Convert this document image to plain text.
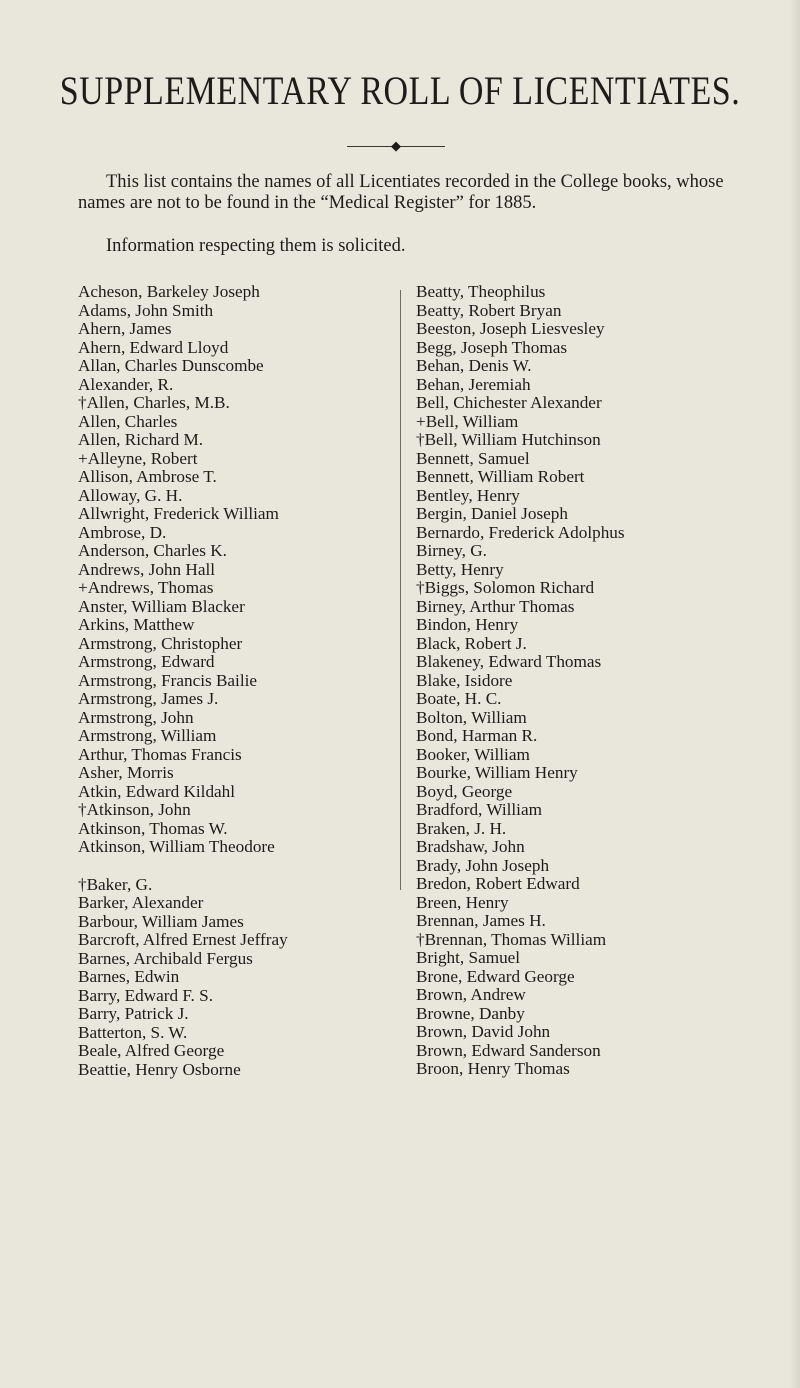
SUPPLEMENTARY ROLL OF LICENTIATES.
◆

This list contains the names of all Licentiates recorded in the College books, whose names are not to be found in the “Medical Register” for 1885.

Information respecting them is solicited.

Acheson, Barkeley Joseph
Adams, John Smith
Ahern, James
Ahern, Edward Lloyd
Allan, Charles Dunscombe
Alexander, R.
†Allen, Charles, M.B.
Allen, Charles
Allen, Richard M.
+Alleyne, Robert
Allison, Ambrose T.
Alloway, G. H.
Allwright, Frederick William
Ambrose, D.
Anderson, Charles K.
Andrews, John Hall
+Andrews, Thomas
Anster, William Blacker
Arkins, Matthew
Armstrong, Christopher
Armstrong, Edward
Armstrong, Francis Bailie
Armstrong, James J.
Armstrong, John
Armstrong, William
Arthur, Thomas Francis
Asher, Morris
Atkin, Edward Kildahl
†Atkinson, John
Atkinson, Thomas W.
Atkinson, William Theodore
†Baker, G.
Barker, Alexander
Barbour, William James
Barcroft, Alfred Ernest Jeffray
Barnes, Archibald Fergus
Barnes, Edwin
Barry, Edward F. S.
Barry, Patrick J.
Batterton, S. W.
Beale, Alfred George
Beattie, Henry Osborne
Beatty, Theophilus
Beatty, Robert Bryan
Beeston, Joseph Liesvesley
Begg, Joseph Thomas
Behan, Denis W.
Behan, Jeremiah
Bell, Chichester Alexander
+Bell, William
†Bell, William Hutchinson
Bennett, Samuel
Bennett, William Robert
Bentley, Henry
Bergin, Daniel Joseph
Bernardo, Frederick Adolphus
Birney, G.
Betty, Henry
†Biggs, Solomon Richard
Birney, Arthur Thomas
Bindon, Henry
Black, Robert J.
Blakeney, Edward Thomas
Blake, Isidore
Boate, H. C.
Bolton, William
Bond, Harman R.
Booker, William
Bourke, William Henry
Boyd, George
Bradford, William
Braken, J. H.
Bradshaw, John
Brady, John Joseph
Bredon, Robert Edward
Breen, Henry
Brennan, James H.
†Brennan, Thomas William
Bright, Samuel
Brone, Edward George
Brown, Andrew
Browne, Danby
Brown, David John
Brown, Edward Sanderson
Broon, Henry Thomas
